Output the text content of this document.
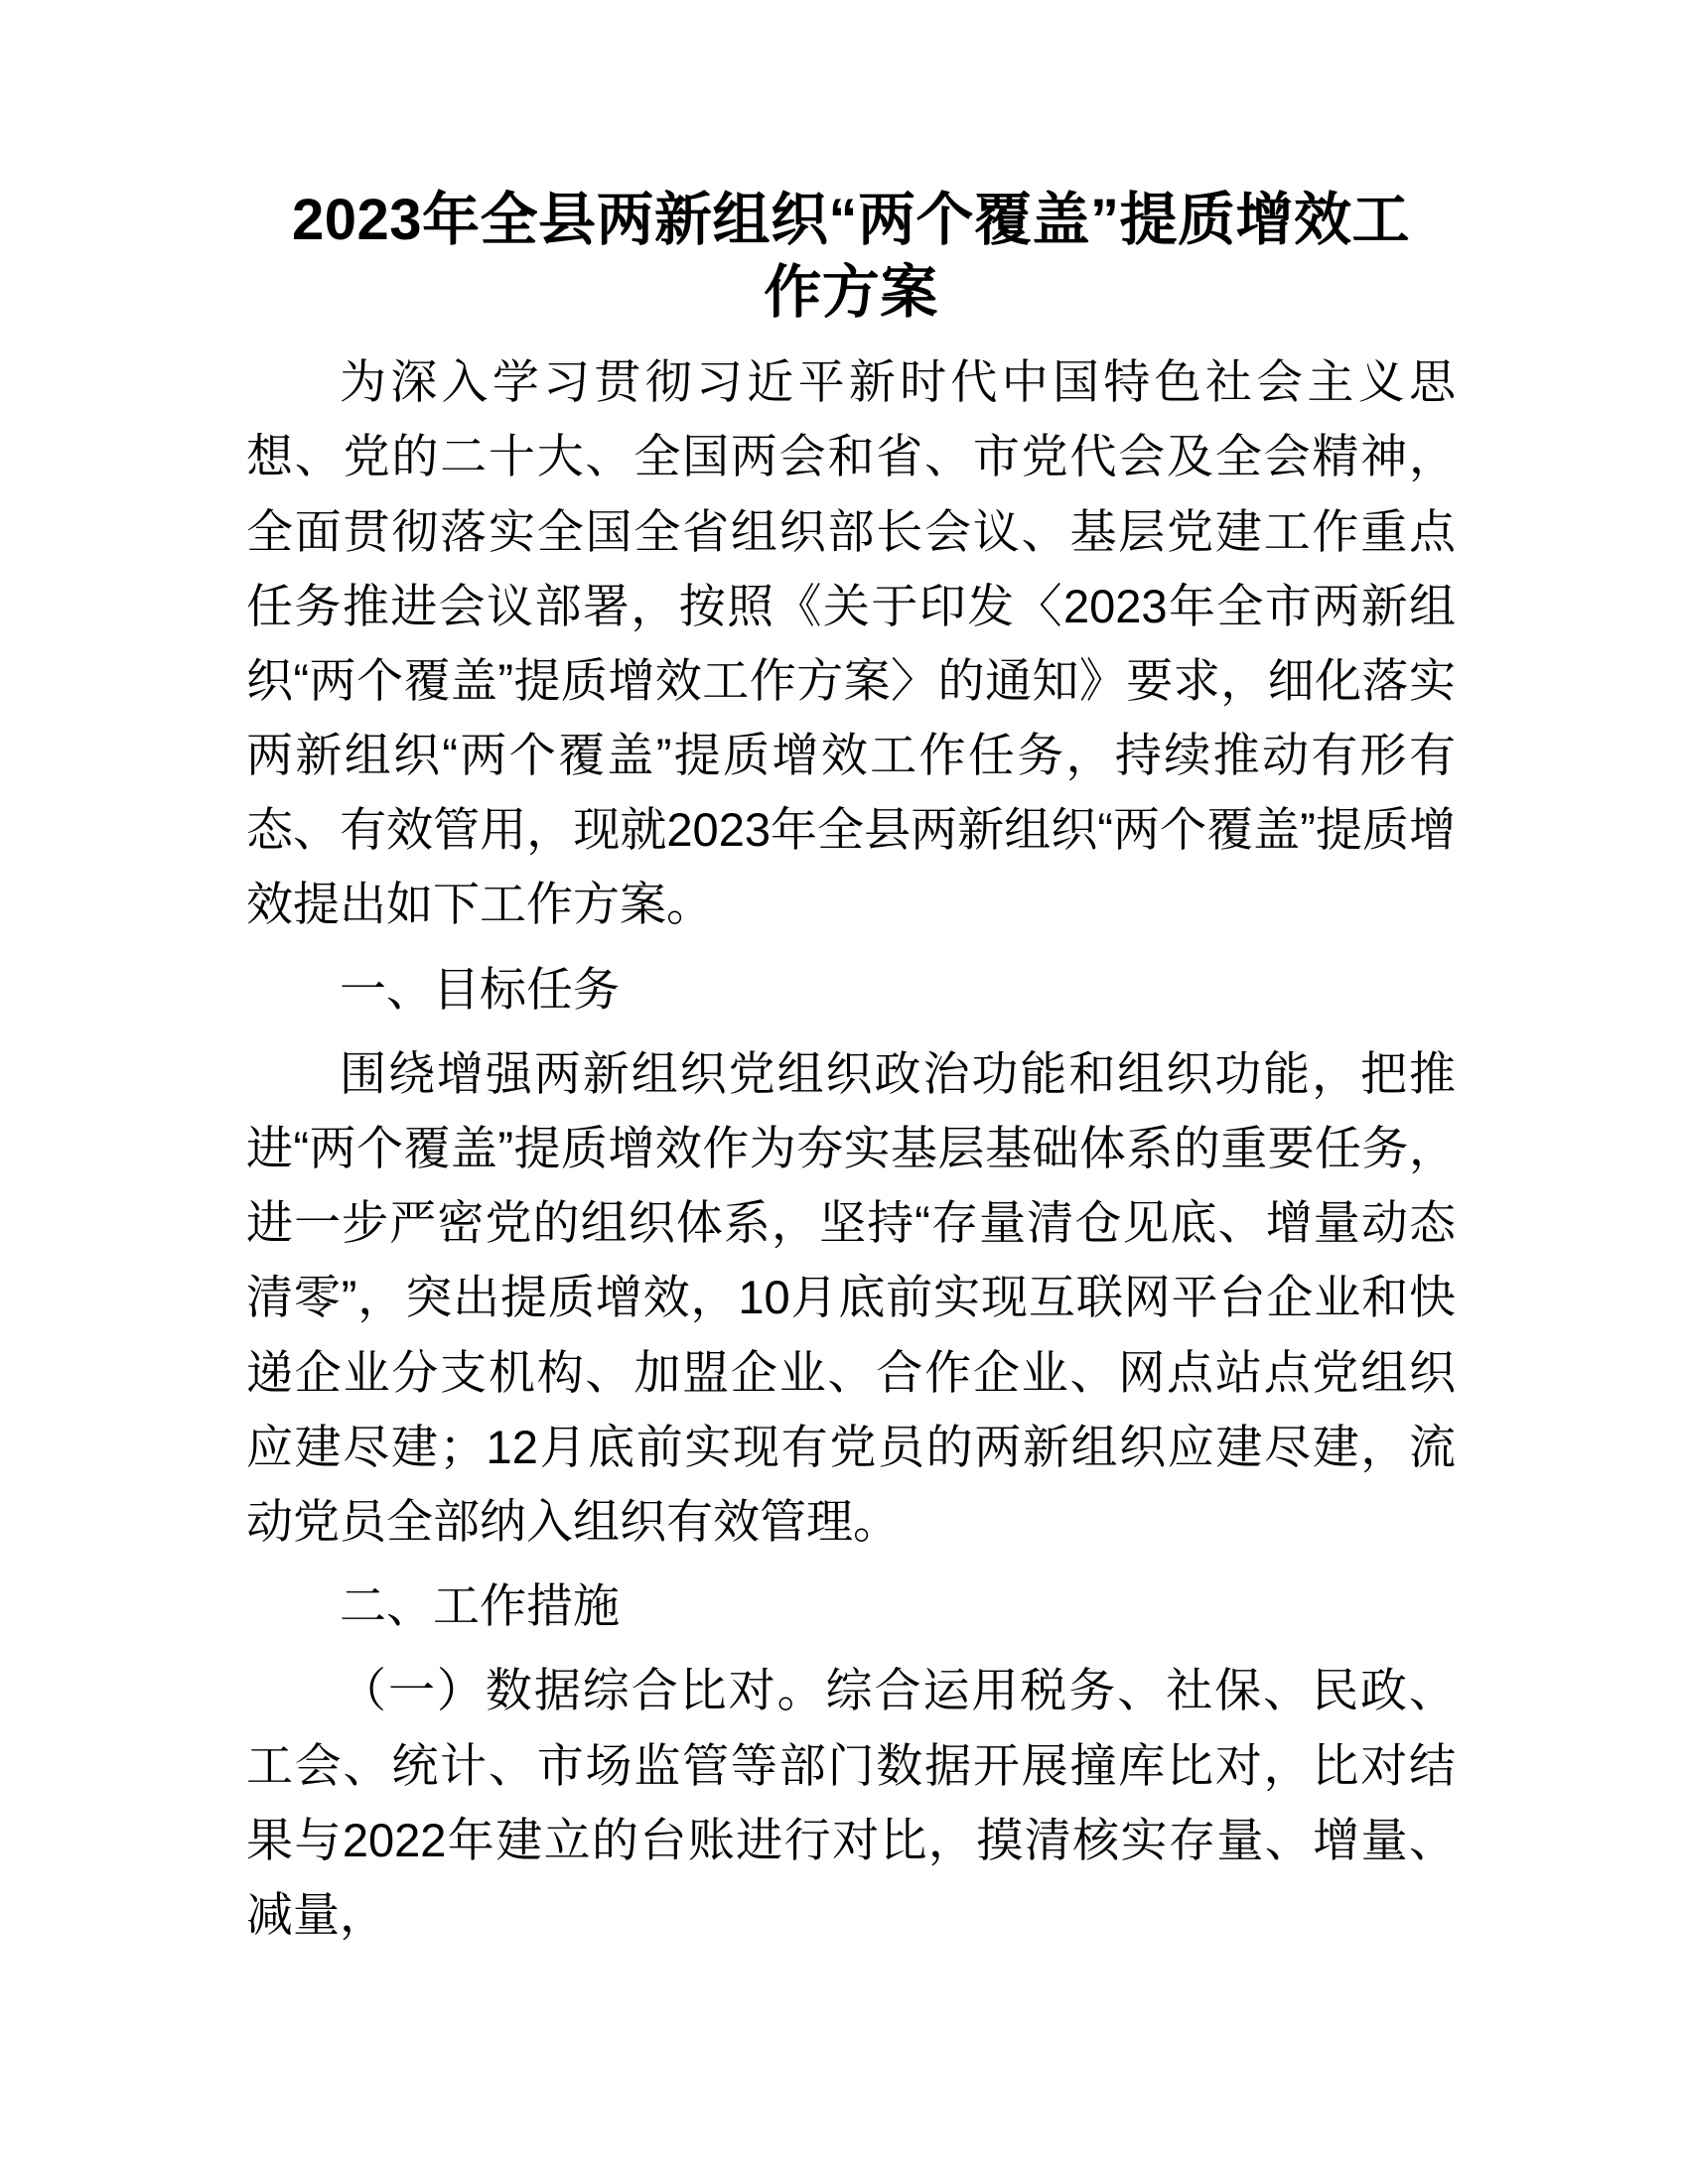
2023年全县两新组织“两个覆盖”提质增效工作方案

为深入学习贯彻习近平新时代中国特色社会主义思想、党的二十大、全国两会和省、市党代会及全会精神，全面贯彻落实全国全省组织部长会议、基层党建工作重点任务推进会议部署，按照《关于印发〈2023年全市两新组织“两个覆盖”提质增效工作方案〉的通知》要求，细化落实两新组织“两个覆盖”提质增效工作任务，持续推动有形有态、有效管用，现就2023年全县两新组织“两个覆盖”提质增效提出如下工作方案。

一、目标任务

围绕增强两新组织党组织政治功能和组织功能，把推进“两个覆盖”提质增效作为夯实基层基础体系的重要任务，进一步严密党的组织体系，坚持“存量清仓见底、增量动态清零”，突出提质增效，10月底前实现互联网平台企业和快递企业分支机构、加盟企业、合作企业、网点站点党组织应建尽建；12月底前实现有党员的两新组织应建尽建，流动党员全部纳入组织有效管理。

二、工作措施

（一）数据综合比对。综合运用税务、社保、民政、工会、统计、市场监管等部门数据开展撞库比对，比对结果与2022年建立的台账进行对比，摸清核实存量、增量、减量，
